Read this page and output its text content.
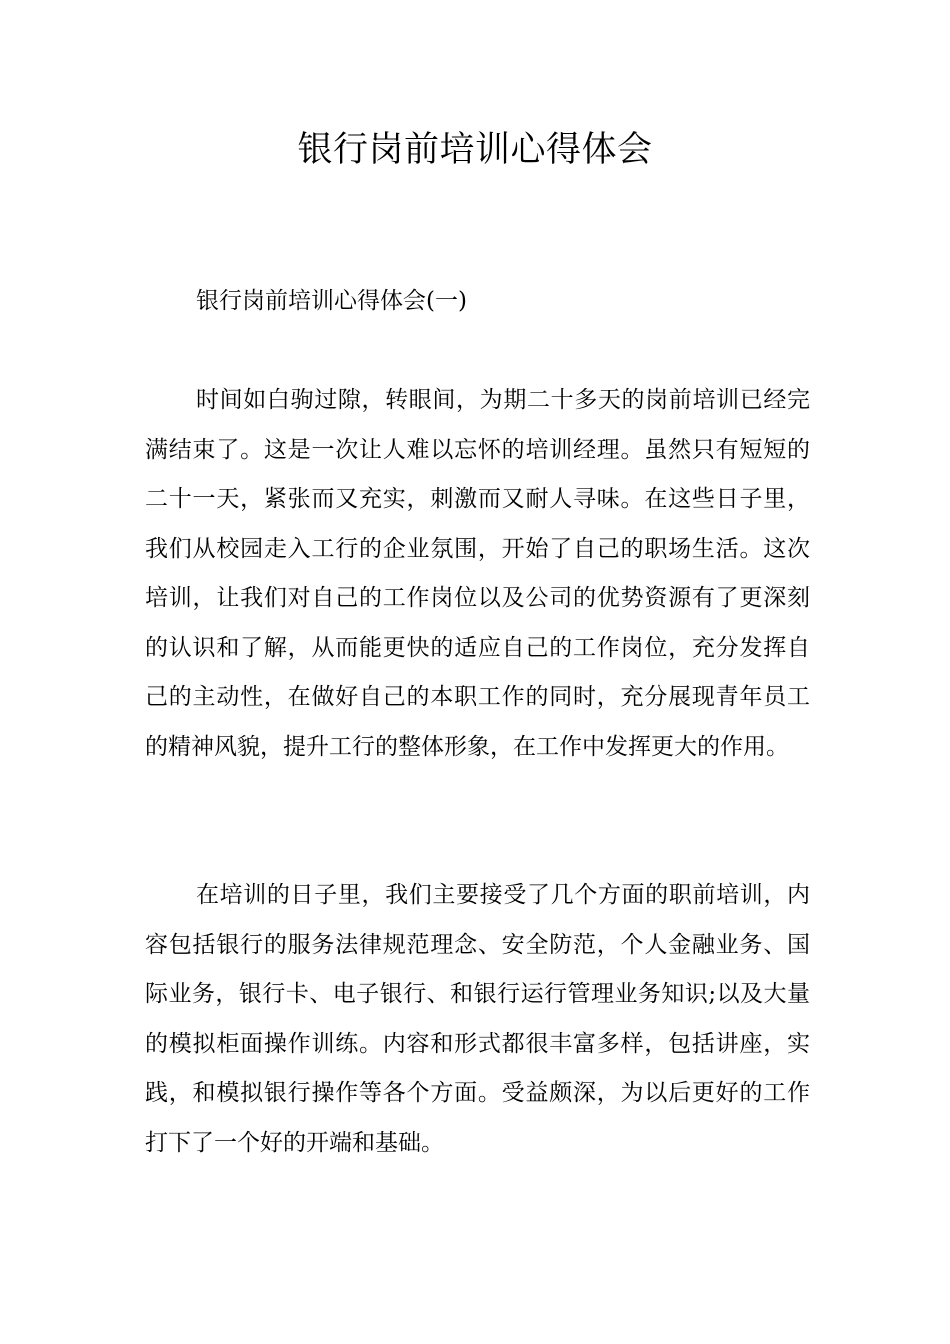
银行岗前培训心得体会
银行岗前培训心得体会(一)

时间如白驹过隙，转眼间，为期二十多天的岗前培训已经完满结束了。这是一次让人难以忘怀的培训经理。虽然只有短短的二十一天，紧张而又充实，刺激而又耐人寻味。在这些日子里，我们从校园走入工行的企业氛围，开始了自己的职场生活。这次培训，让我们对自己的工作岗位以及公司的优势资源有了更深刻的认识和了解，从而能更快的适应自己的工作岗位，充分发挥自己的主动性，在做好自己的本职工作的同时，充分展现青年员工的精神风貌，提升工行的整体形象，在工作中发挥更大的作用。

在培训的日子里，我们主要接受了几个方面的职前培训，内容包括银行的服务法律规范理念、安全防范，个人金融业务、国际业务，银行卡、电子银行、和银行运行管理业务知识;以及大量的模拟柜面操作训练。内容和形式都很丰富多样，包括讲座，实践，和模拟银行操作等各个方面。受益颇深，为以后更好的工作打下了一个好的开端和基础。
